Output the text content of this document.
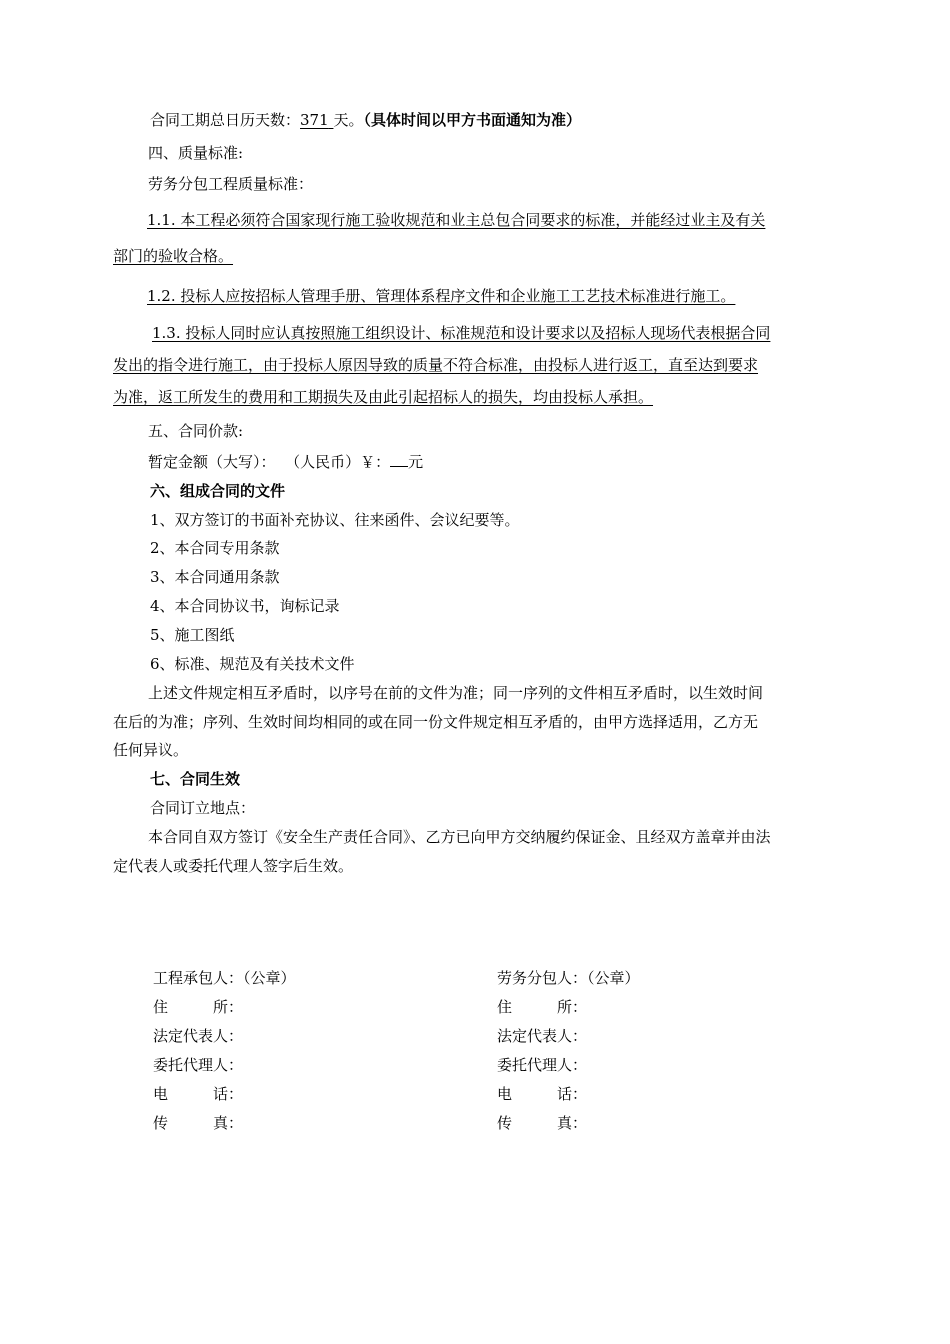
合同工期总日历天数：371 天。（具体时间以甲方书面通知为准）
四、质量标准:
劳务分包工程质量标准：
1.1. 本工程必须符合国家现行施工验收规范和业主总包合同要求的标准，并能经过业主及有关
部门的验收合格。
1.2. 投标人应按招标人管理手册、管理体系程序文件和企业施工工艺技术标准进行施工。
1.3. 投标人同时应认真按照施工组织设计、标准规范和设计要求以及招标人现场代表根据合同
发出的指令进行施工，由于投标人原因导致的质量不符合标准，由投标人进行返工，直至达到要求
为准，返工所发生的费用和工期损失及由此引起招标人的损失，均由投标人承担。
五、合同价款:
暂定金额（大写）： （人民币）￥： 元
六、组成合同的文件
1、双方签订的书面补充协议、往来函件、会议纪要等。
2、本合同专用条款
3、本合同通用条款
4、本合同协议书，询标记录
5、施工图纸
6、标准、规范及有关技术文件
上述文件规定相互矛盾时，以序号在前的文件为准；同一序列的文件相互矛盾时，以生效时间
在后的为准；序列、生效时间均相同的或在同一份文件规定相互矛盾的，由甲方选择适用，乙方无
任何异议。
七、合同生效
合同订立地点：
本合同自双方签订《安全生产责任合同》、乙方已向甲方交纳履约保证金、且经双方盖章并由法
定代表人或委托代理人签字后生效。
工程承包人：（公章）
住　　　所：
法定代表人：
委托代理人：
电　　　话：
传　　　真：
劳务分包人：（公章）
住　　　所：
法定代表人：
委托代理人：
电　　　话：
传　　　真：
